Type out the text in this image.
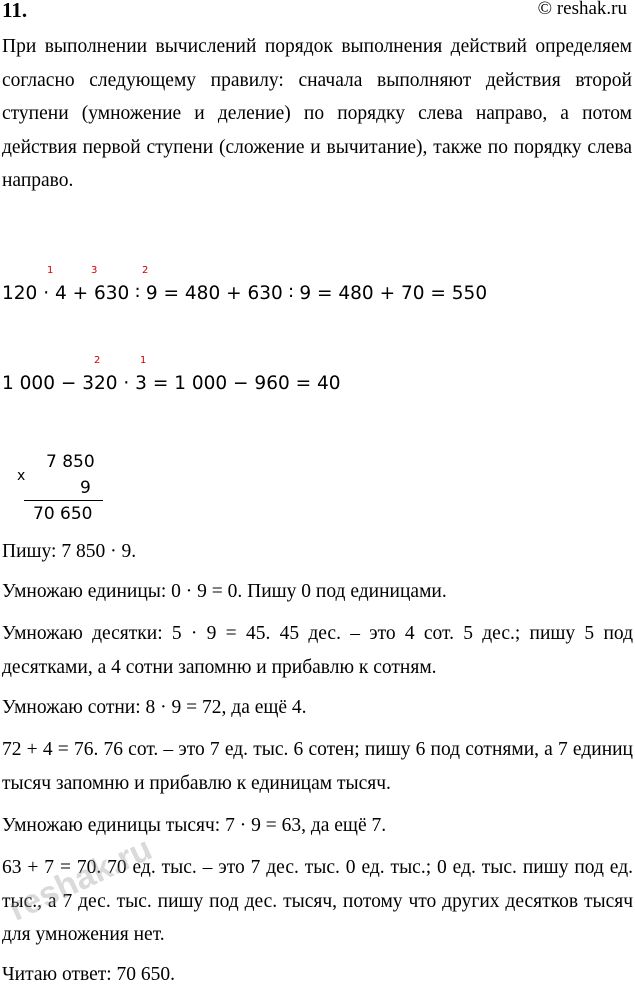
11.	© reshak.ru
При выполнении вычислений порядок выполнения действий определяем согласно следующему правилу: сначала выполняют действия второй ступени (умножение и деление) по порядку слева направо, а потом действия первой ступени (сложение и вычитание), также по порядку слева направо.
120 · 4 + 630 ∶ 9 = 480 + 630 ∶ 9 = 480 + 70 = 550
1	3	2
1 000 − 320 · 3 = 1 000 − 960 = 40
2	1
x
7 850
9
70 650
Пишу: 7 850 · 9.
Умножаю единицы: 0 · 9 = 0. Пишу 0 под единицами.
Умножаю десятки: 5 · 9 = 45. 45 дес. – это 4 сот. 5 дес.; пишу 5 под десятками, а 4 сотни запомню и прибавлю к сотням.
Умножаю сотни: 8 · 9 = 72, да ещё 4.
72 + 4 = 76. 76 сот. – это 7 ед. тыс. 6 сотен; пишу 6 под сотнями, а 7 единиц тысяч запомню и прибавлю к единицам тысяч.
Умножаю единицы тысяч: 7 · 9 = 63, да ещё 7.
63 + 7 = 70. 70 ед. тыс. – это 7 дес. тыс. 0 ед. тыс.; 0 ед. тыс. пишу под ед. тыс., а 7 дес. тыс. пишу под дес. тысяч, потому что других десятков тысяч для умножения нет.
Читаю ответ: 70 650.
reshak.ru
